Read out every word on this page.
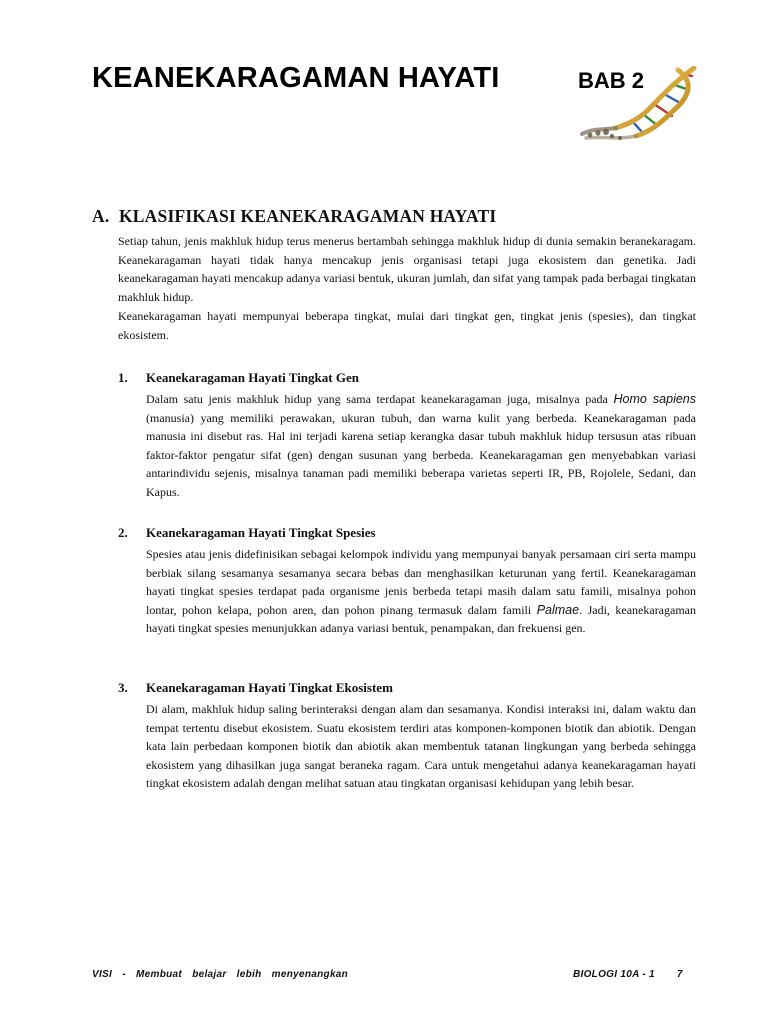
KEANEKARAGAMAN HAYATI	BAB 2
A. KLASIFIKASI KEANEKARAGAMAN HAYATI

Setiap tahun, jenis makhluk hidup terus menerus bertambah sehingga makhluk hidup di dunia semakin beranekaragam. Keanekaragaman hayati tidak hanya mencakup jenis organisasi tetapi juga ekosistem dan genetika. Jadi keanekaragaman hayati mencakup adanya variasi bentuk, ukuran jumlah, dan sifat yang tampak pada berbagai tingkatan makhluk hidup.

Keanekaragaman hayati mempunyai beberapa tingkat, mulai dari tingkat gen, tingkat jenis (spesies), dan tingkat ekosistem.

1. Keanekaragaman Hayati Tingkat Gen

Dalam satu jenis makhluk hidup yang sama terdapat keanekaragaman juga, misalnya pada Homo sapiens (manusia) yang memiliki perawakan, ukuran tubuh, dan warna kulit yang berbeda. Keanekaragaman pada manusia ini disebut ras. Hal ini terjadi karena setiap kerangka dasar tubuh makhluk hidup tersusun atas ribuan faktor-faktor pengatur sifat (gen) dengan susunan yang berbeda. Keanekaragaman gen menyebabkan variasi antarindividu sejenis, misalnya tanaman padi memiliki beberapa varietas seperti IR, PB, Rojolele, Sedani, dan Kapus.

2. Keanekaragaman Hayati Tingkat Spesies

Spesies atau jenis didefinisikan sebagai kelompok individu yang mempunyai banyak persamaan ciri serta mampu berbiak silang sesamanya sesamanya secara bebas dan menghasilkan keturunan yang fertil. Keanekaragaman hayati tingkat spesies terdapat pada organisme jenis berbeda tetapi masih dalam satu famili, misalnya pohon lontar, pohon kelapa, pohon aren, dan pohon pinang termasuk dalam famili Palmae. Jadi, keanekaragaman hayati tingkat spesies menunjukkan adanya variasi bentuk, penampakan, dan frekuensi gen.

3. Keanekaragaman Hayati Tingkat Ekosistem

Di alam, makhluk hidup saling berinteraksi dengan alam dan sesamanya. Kondisi interaksi ini, dalam waktu dan tempat tertentu disebut ekosistem. Suatu ekosistem terdiri atas komponen-komponen biotik dan abiotik. Dengan kata lain perbedaan komponen biotik dan abiotik akan membentuk tatanan lingkungan yang berbeda sehingga ekosistem yang dihasilkan juga sangat beraneka ragam. Cara untuk mengetahui adanya keanekaragaman hayati tingkat ekosistem adalah dengan melihat satuan atau tingkatan organisasi kehidupan yang lebih besar.

VISI  -  Membuat  belajar  lebih  menyenangkan	BIOLOGI 10A - 1 7
